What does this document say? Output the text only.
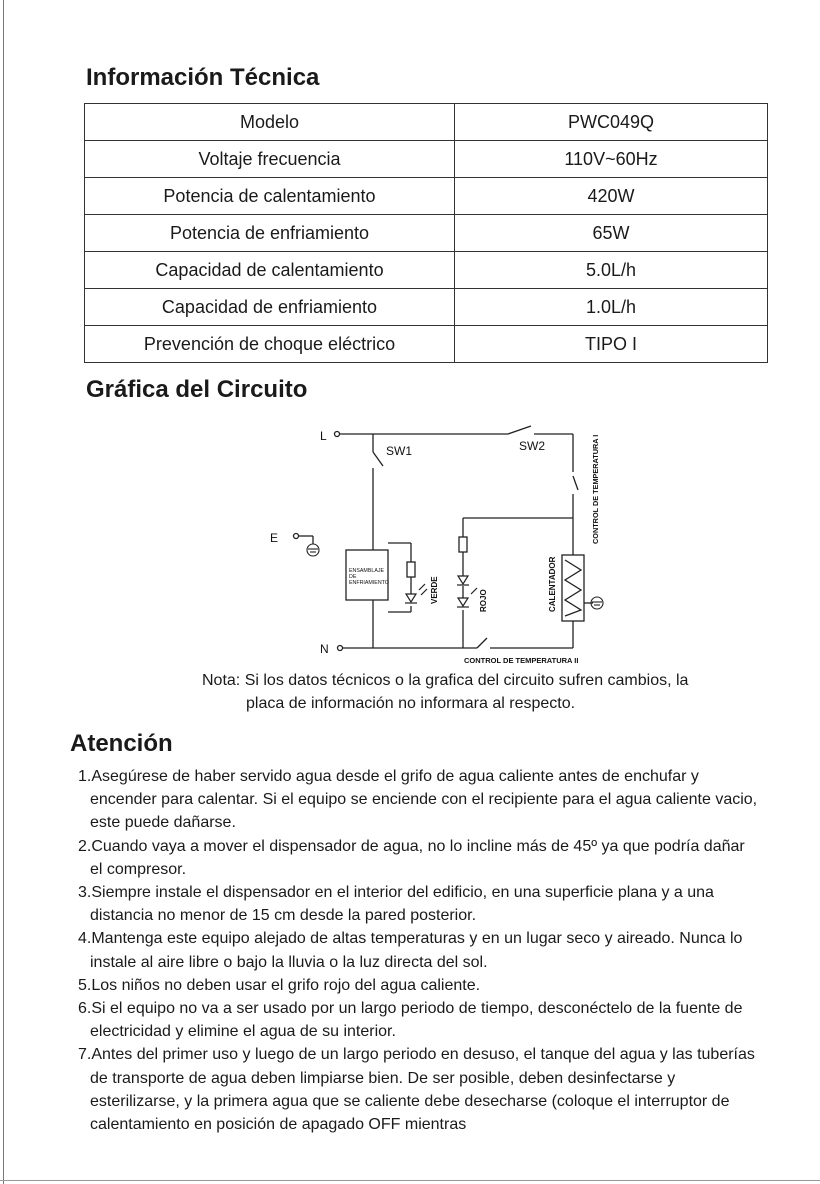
Información Técnica
Modelo	PWC049Q
Voltaje frecuencia	110V~60Hz
Potencia de calentamiento	420W
Potencia de enfriamiento	65W
Capacidad de calentamiento	5.0L/h
Capacidad de enfriamiento	1.0L/h
Prevención de choque eléctrico	TIPO I
Gráfica del Circuito
L
E
N
SW1	SW2
CONTROL DE TEMPERATURA II
ENSAMBLAJE
DE
ENFRIAMIENTO	VERDE	ROJO	CALENTADOR
CONTROL DE TEMPERATURA I
Nota: Si los datos técnicos o la grafica del circuito sufren cambios, la
placa de información no informara al respecto.
Atención
1.Asegúrese de haber servido agua desde el grifo de agua caliente antes de enchufar y encender para calentar. Si el equipo se enciende con el recipiente para el agua caliente vacio, este puede dañarse.
2.Cuando vaya a mover el dispensador de agua, no lo incline más de 45º ya que podría dañar el compresor.
3.Siempre instale el dispensador en el interior del edificio, en una superficie plana y a una distancia no menor de 15 cm desde la pared posterior.
4.Mantenga este equipo alejado de altas temperaturas y en un lugar seco y aireado. Nunca lo instale al aire libre o bajo la lluvia o la luz directa del sol.
5.Los niños no deben usar el grifo rojo del agua caliente.
6.Si el equipo no va a ser usado por un largo periodo de tiempo, desconéctelo de la fuente de electricidad y elimine el agua de su interior.
7.Antes del primer uso y luego de un largo periodo en desuso, el tanque del agua y las tuberías de transporte de agua deben limpiarse bien. De ser posible, deben desinfectarse y esterilizarse, y la primera agua que se caliente debe desecharse (coloque el interruptor de calentamiento en posición de apagado OFF mientras
